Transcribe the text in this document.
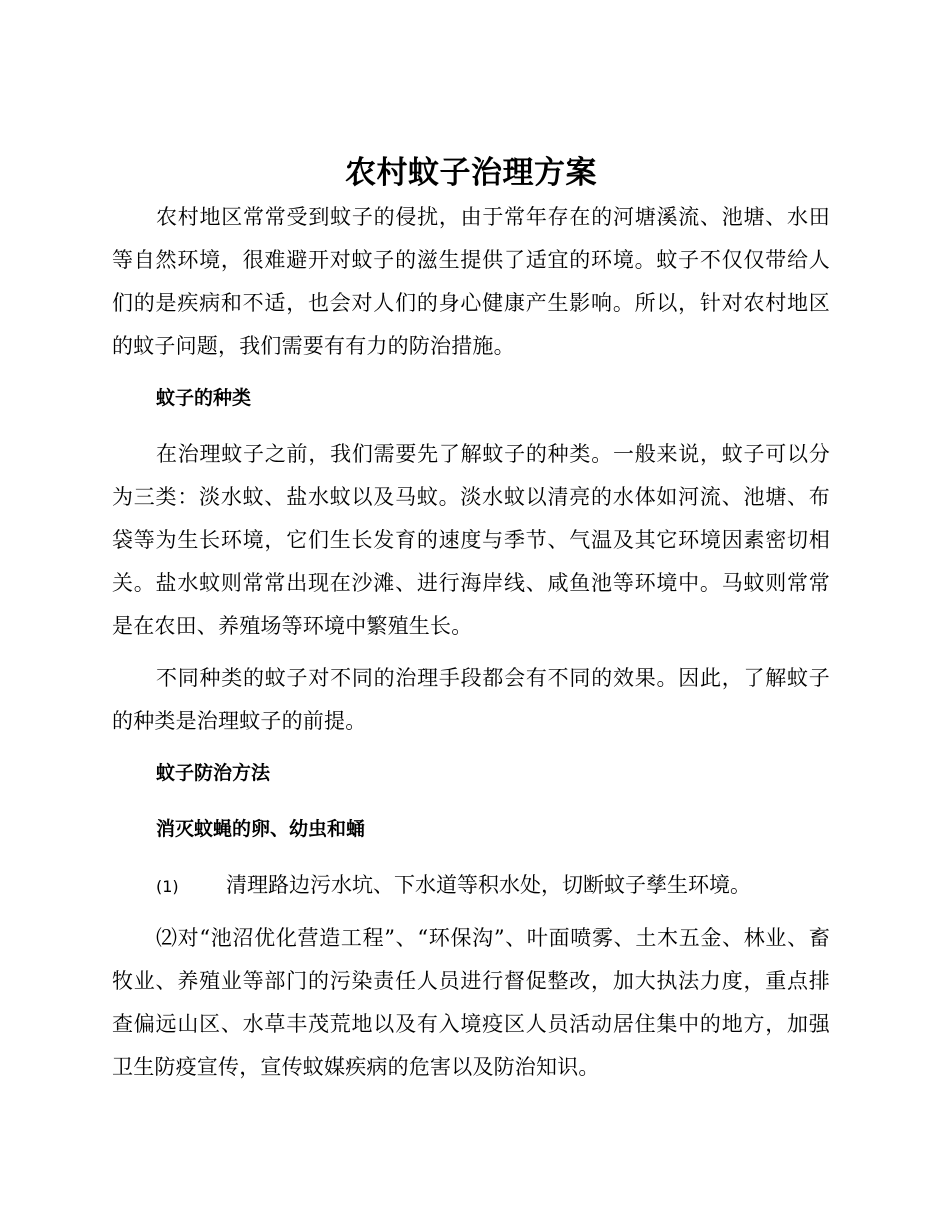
农村蚊子治理方案

农村地区常常受到蚊子的侵扰，由于常年存在的河塘溪流、池塘、水田等自然环境，很难避开对蚊子的滋生提供了适宜的环境。蚊子不仅仅带给人们的是疾病和不适，也会对人们的身心健康产生影响。所以，针对农村地区的蚊子问题，我们需要有有力的防治措施。

蚊子的种类

在治理蚊子之前，我们需要先了解蚊子的种类。一般来说，蚊子可以分为三类：淡水蚊、盐水蚊以及马蚊。淡水蚊以清亮的水体如河流、池塘、布袋等为生长环境，它们生长发育的速度与季节、气温及其它环境因素密切相关。盐水蚊则常常出现在沙滩、进行海岸线、咸鱼池等环境中。马蚊则常常是在农田、养殖场等环境中繁殖生长。

不同种类的蚊子对不同的治理手段都会有不同的效果。因此，了解蚊子的种类是治理蚊子的前提。

蚊子防治方法
消灭蚊蝇的卵、幼虫和蛹
(1) 清理路边污水坑、下水道等积水处，切断蚊子孳生环境。

⑵对“池沼优化营造工程”、“环保沟”、叶面喷雾、土木五金、林业、畜牧业、养殖业等部门的污染责任人员进行督促整改，加大执法力度，重点排查偏远山区、水草丰茂荒地以及有入境疫区人员活动居住集中的地方，加强卫生防疫宣传，宣传蚊媒疾病的危害以及防治知识。
